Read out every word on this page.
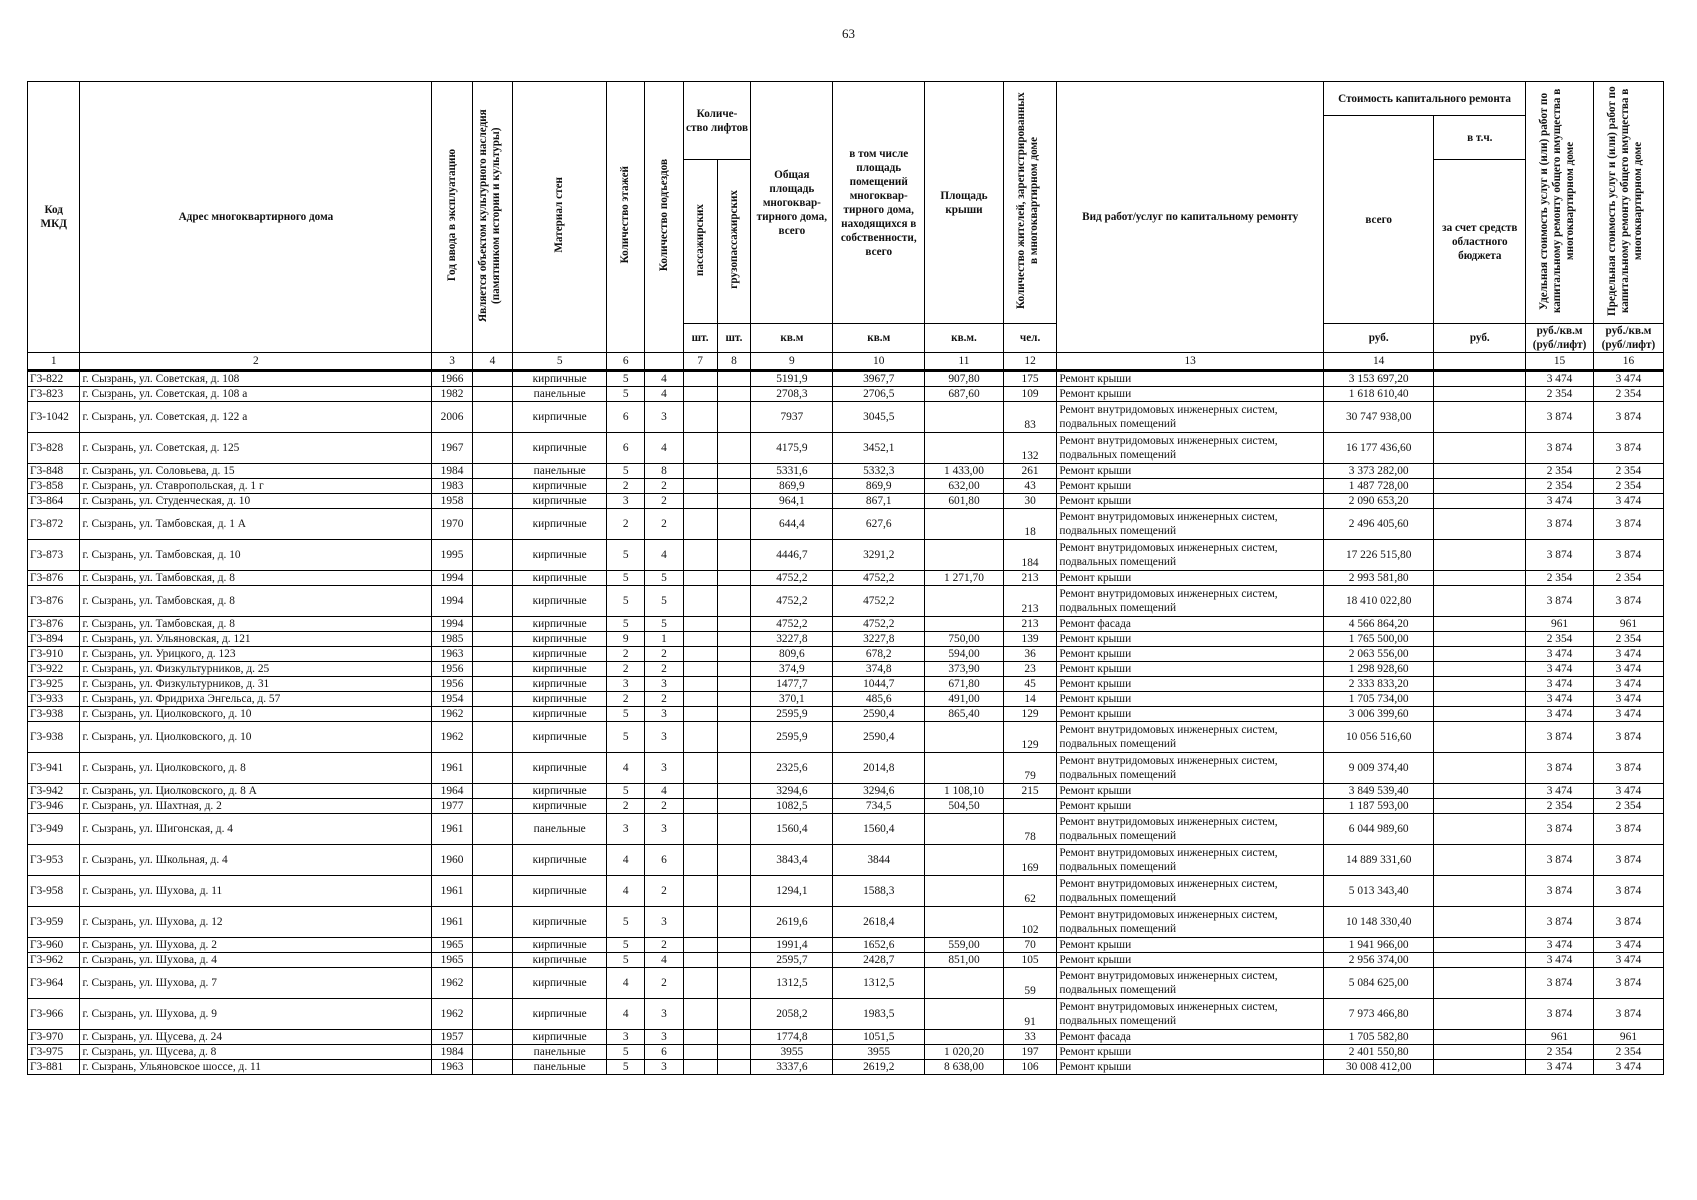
63
Код МКД	Адрес многоквартирного дома	Год ввода в эксплуатацию	Является объектом культурного наследия (памятником истории и культуры)	Материал стен	Количество этажей	Количество подъездов	Количе- ство лифтов		Общая площадь многоквар- тирного дома, всего	в том числе площадь помещений многоквар- тирного дома, находящихся в собственности, всего	Площадь крыши	Количество жителей, зарегистрированных в многоквартирном доме	Вид работ/услуг по капитальному ремонту	Стоимость капитального ремонта		Удельная стоимость услуг и (или) работ по капитальному ремонту общего имущества в многоквартирном доме	Предельная стоимость услуг и (или) работ по капитальному ремонту общего имущества в многоквартирном доме
														всего	в т.ч.		
							пассажирских	грузопассажирских							за счет средств областного бюджета		
							шт.	шт.	кв.м	кв.м	кв.м.	чел.		руб.	руб.	руб./кв.м (руб/лифт)	руб./кв.м (руб/лифт)
1	2	3	4	5	6		7	8	9	10	11	12	13	14		15	16
Г3-822	г. Сызрань, ул. Советская, д. 108	1966		кирпичные	5	4			5191,9	3967,7	907,80	175	Ремонт крыши	3 153 697,20		3 474	3 474
Г3-823	г. Сызрань, ул. Советская, д. 108 а	1982		панельные	5	4			2708,3	2706,5	687,60	109	Ремонт крыши	1 618 610,40		2 354	2 354
Г3-1042	г. Сызрань, ул. Советская, д. 122 а	2006		кирпичные	6	3			7937	3045,5		83	Ремонт внутридомовых инженерных систем, подвальных помещений	30 747 938,00		3 874	3 874
Г3-828	г. Сызрань, ул. Советская, д. 125	1967		кирпичные	6	4			4175,9	3452,1		132	Ремонт внутридомовых инженерных систем, подвальных помещений	16 177 436,60		3 874	3 874
Г3-848	г. Сызрань, ул. Соловьева, д. 15	1984		панельные	5	8			5331,6	5332,3	1 433,00	261	Ремонт крыши	3 373 282,00		2 354	2 354
Г3-858	г. Сызрань, ул. Ставропольская, д. 1 г	1983		кирпичные	2	2			869,9	869,9	632,00	43	Ремонт крыши	1 487 728,00		2 354	2 354
Г3-864	г. Сызрань, ул. Студенческая, д. 10	1958		кирпичные	3	2			964,1	867,1	601,80	30	Ремонт крыши	2 090 653,20		3 474	3 474
Г3-872	г. Сызрань, ул. Тамбовская, д. 1 А	1970		кирпичные	2	2			644,4	627,6		18	Ремонт внутридомовых инженерных систем, подвальных помещений	2 496 405,60		3 874	3 874
Г3-873	г. Сызрань, ул. Тамбовская, д. 10	1995		кирпичные	5	4			4446,7	3291,2		184	Ремонт внутридомовых инженерных систем, подвальных помещений	17 226 515,80		3 874	3 874
Г3-876	г. Сызрань, ул. Тамбовская, д. 8	1994		кирпичные	5	5			4752,2	4752,2	1 271,70	213	Ремонт крыши	2 993 581,80		2 354	2 354
Г3-876	г. Сызрань, ул. Тамбовская, д. 8	1994		кирпичные	5	5			4752,2	4752,2		213	Ремонт внутридомовых инженерных систем, подвальных помещений	18 410 022,80		3 874	3 874
Г3-876	г. Сызрань, ул. Тамбовская, д. 8	1994		кирпичные	5	5			4752,2	4752,2		213	Ремонт фасада	4 566 864,20		961	961
Г3-894	г. Сызрань, ул. Ульяновская, д. 121	1985		кирпичные	9	1			3227,8	3227,8	750,00	139	Ремонт крыши	1 765 500,00		2 354	2 354
Г3-910	г. Сызрань, ул. Урицкого, д. 123	1963		кирпичные	2	2			809,6	678,2	594,00	36	Ремонт крыши	2 063 556,00		3 474	3 474
Г3-922	г. Сызрань, ул. Физкультурников, д. 25	1956		кирпичные	2	2			374,9	374,8	373,90	23	Ремонт крыши	1 298 928,60		3 474	3 474
Г3-925	г. Сызрань, ул. Физкультурников, д. 31	1956		кирпичные	3	3			1477,7	1044,7	671,80	45	Ремонт крыши	2 333 833,20		3 474	3 474
Г3-933	г. Сызрань, ул. Фридриха Энгельса, д. 57	1954		кирпичные	2	2			370,1	485,6	491,00	14	Ремонт крыши	1 705 734,00		3 474	3 474
Г3-938	г. Сызрань, ул. Циолковского, д. 10	1962		кирпичные	5	3			2595,9	2590,4	865,40	129	Ремонт крыши	3 006 399,60		3 474	3 474
Г3-938	г. Сызрань, ул. Циолковского, д. 10	1962		кирпичные	5	3			2595,9	2590,4		129	Ремонт внутридомовых инженерных систем, подвальных помещений	10 056 516,60		3 874	3 874
Г3-941	г. Сызрань, ул. Циолковского, д. 8	1961		кирпичные	4	3			2325,6	2014,8		79	Ремонт внутридомовых инженерных систем, подвальных помещений	9 009 374,40		3 874	3 874
Г3-942	г. Сызрань, ул. Циолковского, д. 8 А	1964		кирпичные	5	4			3294,6	3294,6	1 108,10	215	Ремонт крыши	3 849 539,40		3 474	3 474
Г3-946	г. Сызрань, ул. Шахтная, д. 2	1977		кирпичные	2	2			1082,5	734,5	504,50		Ремонт крыши	1 187 593,00		2 354	2 354
Г3-949	г. Сызрань, ул. Шигонская, д. 4	1961		панельные	3	3			1560,4	1560,4		78	Ремонт внутридомовых инженерных систем, подвальных помещений	6 044 989,60		3 874	3 874
Г3-953	г. Сызрань, ул. Школьная, д. 4	1960		кирпичные	4	6			3843,4	3844		169	Ремонт внутридомовых инженерных систем, подвальных помещений	14 889 331,60		3 874	3 874
Г3-958	г. Сызрань, ул. Шухова, д. 11	1961		кирпичные	4	2			1294,1	1588,3		62	Ремонт внутридомовых инженерных систем, подвальных помещений	5 013 343,40		3 874	3 874
Г3-959	г. Сызрань, ул. Шухова, д. 12	1961		кирпичные	5	3			2619,6	2618,4		102	Ремонт внутридомовых инженерных систем, подвальных помещений	10 148 330,40		3 874	3 874
Г3-960	г. Сызрань, ул. Шухова, д. 2	1965		кирпичные	5	2			1991,4	1652,6	559,00	70	Ремонт крыши	1 941 966,00		3 474	3 474
Г3-962	г. Сызрань, ул. Шухова, д. 4	1965		кирпичные	5	4			2595,7	2428,7	851,00	105	Ремонт крыши	2 956 374,00		3 474	3 474
Г3-964	г. Сызрань, ул. Шухова, д. 7	1962		кирпичные	4	2			1312,5	1312,5		59	Ремонт внутридомовых инженерных систем, подвальных помещений	5 084 625,00		3 874	3 874
Г3-966	г. Сызрань, ул. Шухова, д. 9	1962		кирпичные	4	3			2058,2	1983,5		91	Ремонт внутридомовых инженерных систем, подвальных помещений	7 973 466,80		3 874	3 874
Г3-970	г. Сызрань, ул. Щусева, д. 24	1957		кирпичные	3	3			1774,8	1051,5		33	Ремонт фасада	1 705 582,80		961	961
Г3-975	г. Сызрань, ул. Щусева, д. 8	1984		панельные	5	6			3955	3955	1 020,20	197	Ремонт крыши	2 401 550,80		2 354	2 354
Г3-881	г. Сызрань, Ульяновское шоссе, д. 11	1963		панельные	5	3			3337,6	2619,2	8 638,00	106	Ремонт крыши	30 008 412,00		3 474	3 474
